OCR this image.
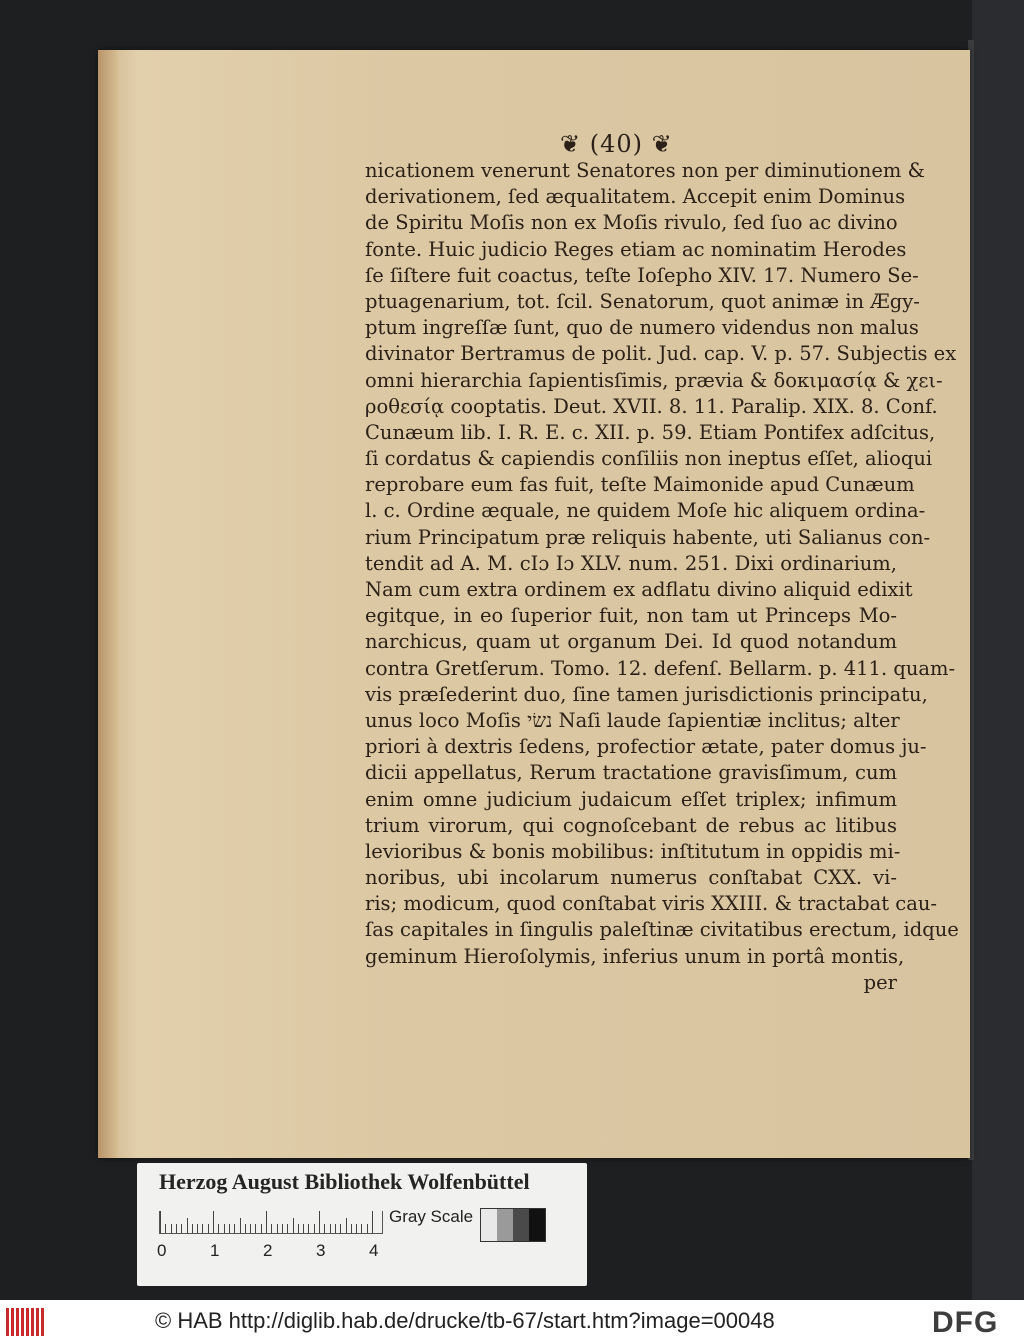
❦ (40) ❦
nicationem venerunt Senatores non per diminutionem &
derivationem, ſed æqualitatem. Accepit enim Dominus
de Spiritu Moſis non ex Moſis rivulo, ſed ſuo ac divino
fonte. Huic judicio Reges etiam ac nominatim Herodes
ſe ſiſtere fuit coactus, teſte Ioſepho XIV. 17. Numero Se-
ptuagenarium, tot. ſcil. Senatorum, quot animæ in Ægy-
ptum ingreſſæ ſunt, quo de numero videndus non malus
divinator Bertramus de polit. Jud. cap. V. p. 57. Subjectis ex
omni hierarchia ſapientisſimis, prævia & δοκιμασίᾳ & χει-
ροθεσίᾳ cooptatis. Deut. XVII. 8. 11. Paralip. XIX. 8. Conf.
Cunæum lib. I. R. E. c. XII. p. 59. Etiam Pontifex adſcitus,
ſi cordatus & capiendis conſiliis non ineptus eſſet, alioqui
reprobare eum fas fuit, teſte Maimonide apud Cunæum
l. c. Ordine æquale, ne quidem Moſe hic aliquem ordina-
rium Principatum præ reliquis habente, uti Salianus con-
tendit ad A. M. cIɔ Iɔ XLV. num. 251. Dixi ordinarium,
Nam cum extra ordinem ex adflatu divino aliquid edixit
egitque, in eo ſuperior fuit, non tam ut Princeps Mo-
narchicus, quam ut organum Dei. Id quod notandum
contra Gretſerum. Tomo. 12. defenſ. Bellarm. p. 411. quam-
vis præſederint duo, ſine tamen jurisdictionis principatu,
unus loco Moſis נשׂי Naſi laude ſapientiæ inclitus; alter
priori à dextris ſedens, profectior ætate, pater domus ju-
dicii appellatus, Rerum tractatione gravisſimum, cum
enim omne judicium judaicum eſſet triplex; infimum
trium virorum, qui cognoſcebant de rebus ac litibus
levioribus & bonis mobilibus: inſtitutum in oppidis mi-
noribus, ubi incolarum numerus conſtabat CXX. vi-
ris; modicum, quod conſtabat viris XXIII. & tractabat cau-
ſas capitales in ſingulis paleſtinæ civitatibus erectum, idque
geminum Hieroſolymis, inferius unum in portâ montis,
per
Herzog August Bibliothek Wolfenbüttel
0	1	2	3	4
Gray Scale
© HAB http://diglib.hab.de/drucke/tb-67/start.htm?image=00048	DFG
